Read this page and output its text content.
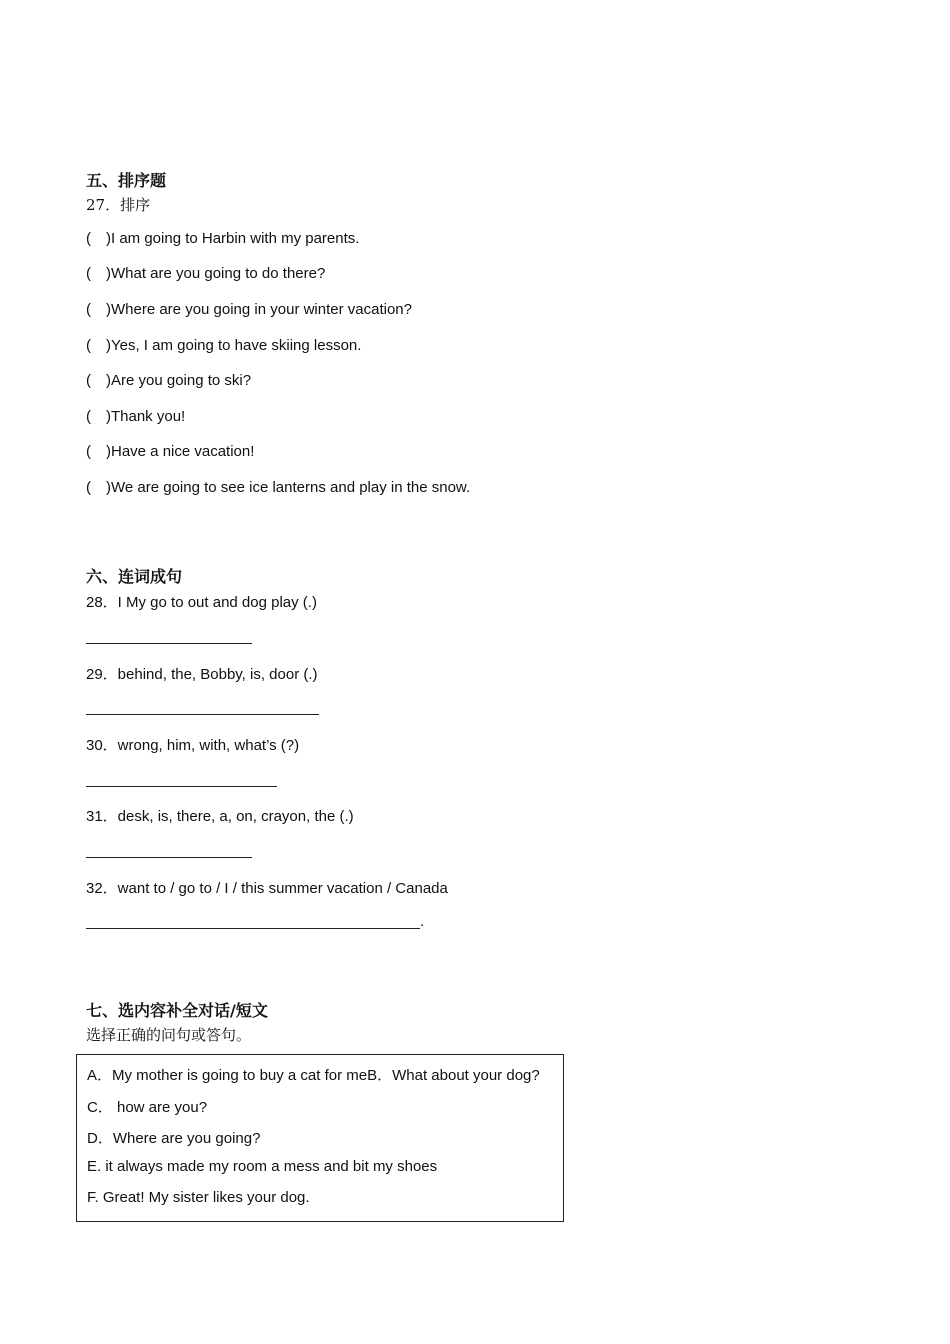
五、排序题
27．排序
( )I am going to Harbin with my parents.
( )What are you going to do there?
( )Where are you going in your winter vacation?
( )Yes, I am going to have skiing lesson.
( )Are you going to ski?
( )Thank you!
( )Have a nice vacation!
( )We are going to see ice lanterns and play in the snow.
六、连词成句
28．I My go to out and dog play (.)
29．behind, the, Bobby, is, door (.)
30．wrong, him, with, what’s (?)
31．desk, is, there, a, on, crayon, the (.)
32．want to / go to / I / this summer vacation / Canada
.
七、选内容补全对话/短文
选择正确的问句或答句。
A．My mother is going to buy a cat for meB．What about your dog?
C． how are you?
D．Where are you going?
E. it always made my room a mess and bit my shoes
F. Great! My sister likes your dog.
